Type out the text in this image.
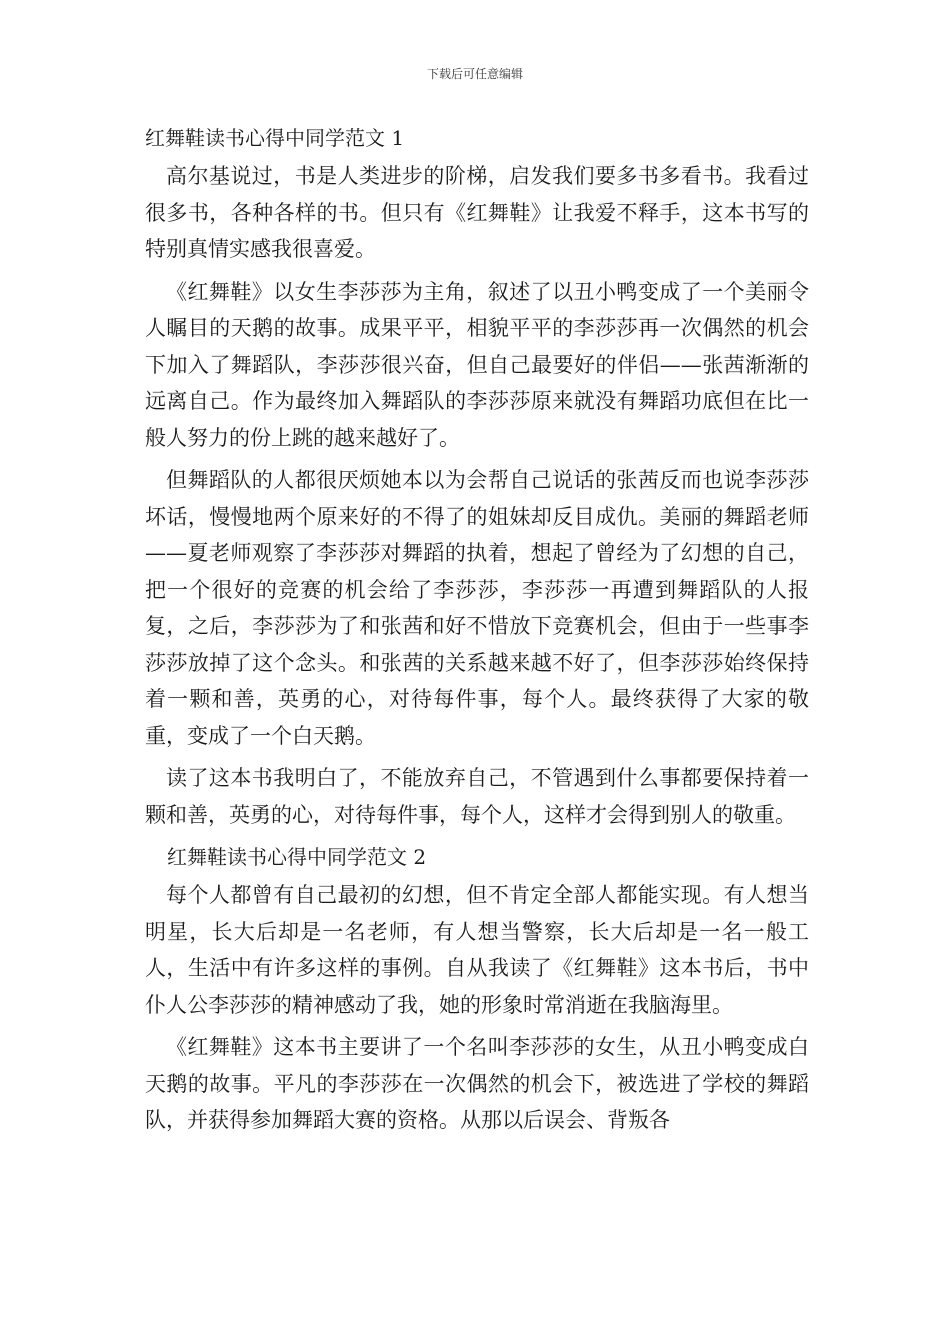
下载后可任意编辑
红舞鞋读书心得中同学范文 1

高尔基说过，书是人类进步的阶梯，启发我们要多书多看书。我看过很多书，各种各样的书。但只有《红舞鞋》让我爱不释手，这本书写的特别真情实感我很喜爱。

《红舞鞋》以女生李莎莎为主角，叙述了以丑小鸭变成了一个美丽令人瞩目的天鹅的故事。成果平平，相貌平平的李莎莎再一次偶然的机会下加入了舞蹈队，李莎莎很兴奋，但自己最要好的伴侣——张茜渐渐的远离自己。作为最终加入舞蹈队的李莎莎原来就没有舞蹈功底但在比一般人努力的份上跳的越来越好了。

但舞蹈队的人都很厌烦她本以为会帮自己说话的张茜反而也说李莎莎坏话，慢慢地两个原来好的不得了的姐妹却反目成仇。美丽的舞蹈老师——夏老师观察了李莎莎对舞蹈的执着，想起了曾经为了幻想的自己，把一个很好的竞赛的机会给了李莎莎，李莎莎一再遭到舞蹈队的人报复，之后，李莎莎为了和张茜和好不惜放下竞赛机会，但由于一些事李莎莎放掉了这个念头。和张茜的关系越来越不好了，但李莎莎始终保持着一颗和善，英勇的心，对待每件事，每个人。最终获得了大家的敬重，变成了一个白天鹅。

读了这本书我明白了，不能放弃自己，不管遇到什么事都要保持着一颗和善，英勇的心，对待每件事，每个人，这样才会得到别人的敬重。

红舞鞋读书心得中同学范文 2

每个人都曾有自己最初的幻想，但不肯定全部人都能实现。有人想当明星，长大后却是一名老师，有人想当警察，长大后却是一名一般工人，生活中有许多这样的事例。自从我读了《红舞鞋》这本书后，书中仆人公李莎莎的精神感动了我，她的形象时常消逝在我脑海里。

《红舞鞋》这本书主要讲了一个名叫李莎莎的女生，从丑小鸭变成白天鹅的故事。平凡的李莎莎在一次偶然的机会下，被选进了学校的舞蹈队，并获得参加舞蹈大赛的资格。从那以后误会、背叛各
